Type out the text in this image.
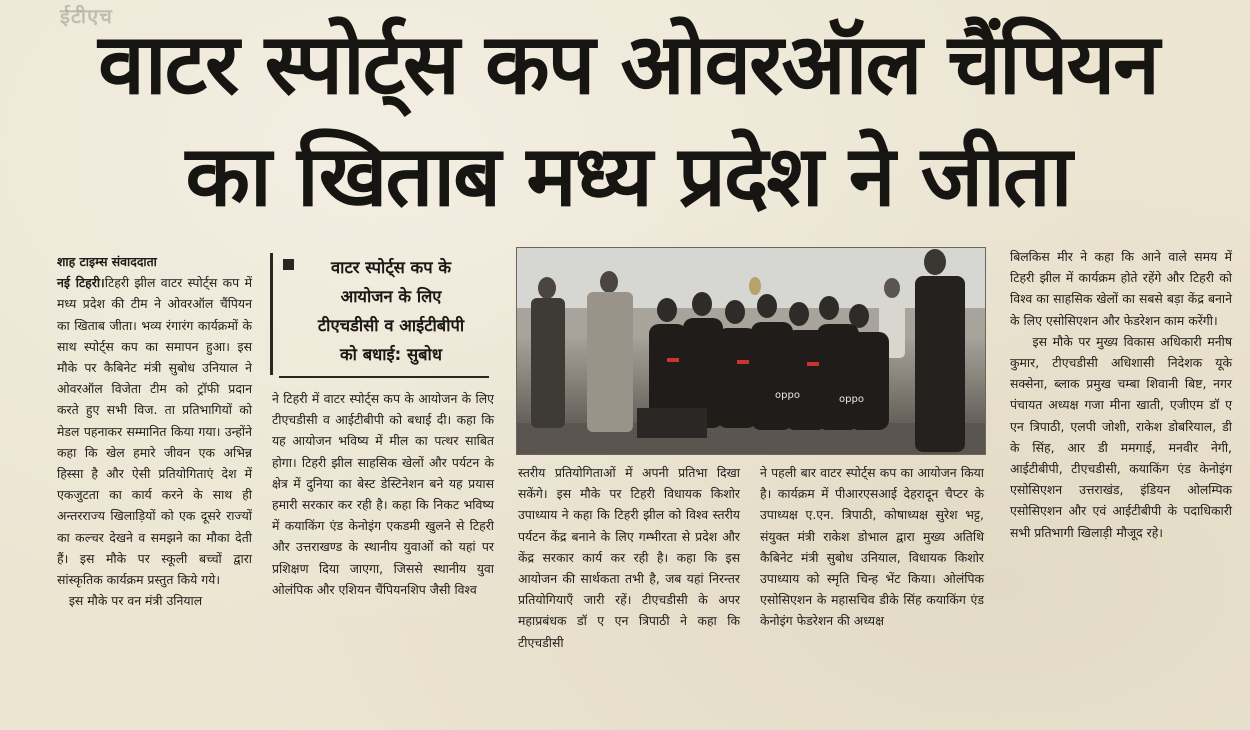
ईटीएच
वाटर स्पोर्ट्स कप ओवरऑल चैंपियन
का खिताब मध्य प्रदेश ने जीता

शाह टाइम्स संवाददाता

नई टिहरी।टिहरी झील वाटर स्पोर्ट्स कप में मध्य प्रदेश की टीम ने ओवरऑल चैंपियन का खिताब जीता। भव्य रंगारंग कार्यक्रमों के साथ स्पोर्ट्स कप का समापन हुआ। इस मौके पर कैबिनेट मंत्री सुबोध उनियाल ने ओवरऑल विजेता टीम को ट्रॉफी प्रदान करते हुए सभी विज. ता प्रतिभागियों को मेडल पहनाकर सम्मानित किया गया। उन्होंने कहा कि खेल हमारे जीवन एक अभिन्न हिस्सा है और ऐसी प्रतियोगिताएं देश में एकजुटता का कार्य करने के साथ ही अन्तरराज्य खिलाड़ियों को एक दूसरे राज्यों का कल्चर देखने व समझने का मौका देती हैं। इस मौके पर स्कूली बच्चों द्वारा सांस्कृतिक कार्यक्रम प्रस्तुत किये गये।

इस मौके पर वन मंत्री उनियाल

वाटर स्पोर्ट्स कप के
आयोजन के लिए
टीएचडीसी व आईटीबीपी
को बधाई: सुबोध

ने टिहरी में वाटर स्पोर्ट्स कप के आयोजन के लिए टीएचडीसी व आईटीबीपी को बधाई दी। कहा कि यह आयोजन भविष्य में मील का पत्थर साबित होगा। टिहरी झील साहसिक खेलों और पर्यटन के क्षेत्र में दुनिया का बेस्ट डेस्टिनेशन बने यह प्रयास हमारी सरकार कर रही है। कहा कि निकट भविष्य में कयाकिंग एंड केनोइंग एकडमी खुलने से टिहरी और उत्तराखण्ड के स्थानीय युवाओं को यहां पर प्रशिक्षण दिया जाएगा, जिससे स्थानीय युवा ओलंपिक और एशियन चैंपियनशिप जैसी विश्व

oppo	oppo

स्तरीय प्रतियोगिताओं में अपनी प्रतिभा दिखा सकेंगे। इस मौके पर टिहरी विधायक किशोर उपाध्याय ने कहा कि टिहरी झील को विश्व स्तरीय पर्यटन केंद्र बनाने के लिए गम्भीरता से प्रदेश और केंद्र सरकार कार्य कर रही है। कहा कि इस आयोजन की सार्थकता तभी है, जब यहां निरन्तर प्रतियोगियाएँ जारी रहें। टीएचडीसी के अपर महाप्रबंधक डॉ ए एन त्रिपाठी ने कहा कि टीएचडीसी

ने पहली बार वाटर स्पोर्ट्स कप का आयोजन किया है। कार्यक्रम में पीआरएसआई देहरादून चैप्टर के उपाध्यक्ष ए.एन. त्रिपाठी, कोषाध्यक्ष सुरेश भट्ट, संयुक्त मंत्री राकेश डोभाल द्वारा मुख्य अतिथि कैबिनेट मंत्री सुबोध उनियाल, विधायक किशोर उपाध्याय को स्मृति चिन्ह भेंट किया। ओलंपिक एसोसिएशन के महासचिव डीके सिंह कयाकिंग एंड केनोइंग फेडरेशन की अध्यक्ष

बिलकिस मीर ने कहा कि आने वाले समय में टिहरी झील में कार्यक्रम होते रहेंगे और टिहरी को विश्व का साहसिक खेलों का सबसे बड़ा केंद्र बनाने के लिए एसोसिएशन और फेडरेशन काम करेंगी।

इस मौके पर मुख्य विकास अधिकारी मनीष कुमार, टीएचडीसी अधिशासी निदेशक यूके सक्सेना, ब्लाक प्रमुख चम्बा शिवानी बिष्ट, नगर पंचायत अध्यक्ष गजा मीना खाती, एजीएम डॉ ए एन त्रिपाठी, एलपी जोशी, राकेश डोबरियाल, डी के सिंह, आर डी ममगाई, मनवीर नेगी, आईटीबीपी, टीएचडीसी, कयाकिंग एंड केनोइंग एसोसिएशन उत्तराखंड, इंडियन ओलम्पिक एसोसिएशन और एवं आईटीबीपी के पदाधिकारी सभी प्रतिभागी खिलाड़ी मौजूद रहे।
